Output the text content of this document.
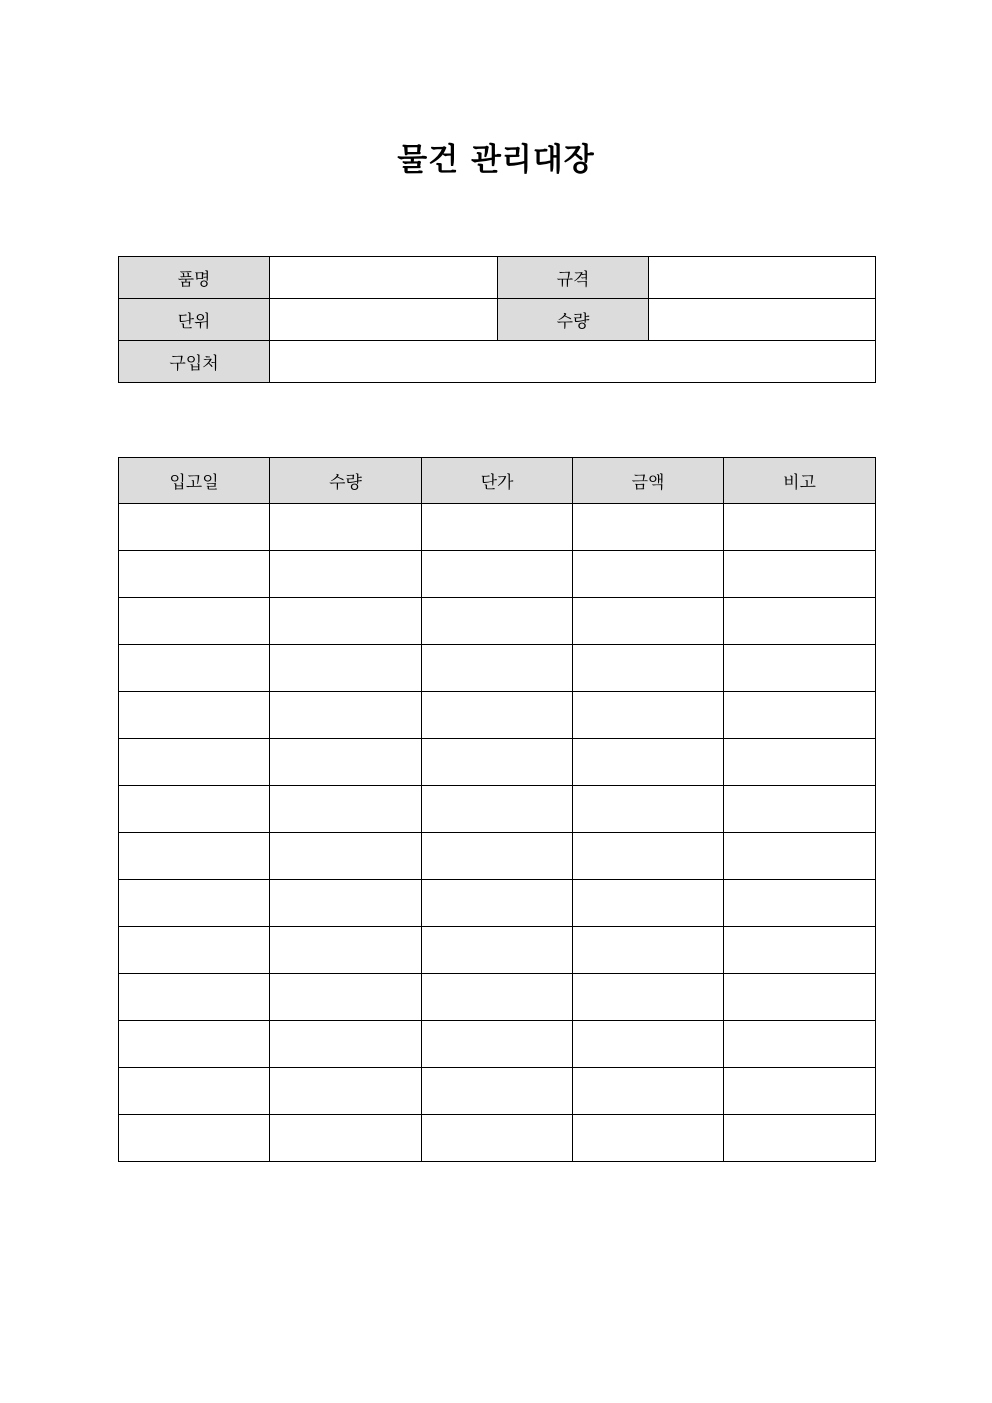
물건 관리대장
품명		규격	
단위		수량	
구입처			
입고일	수량	단가	금액	비고
